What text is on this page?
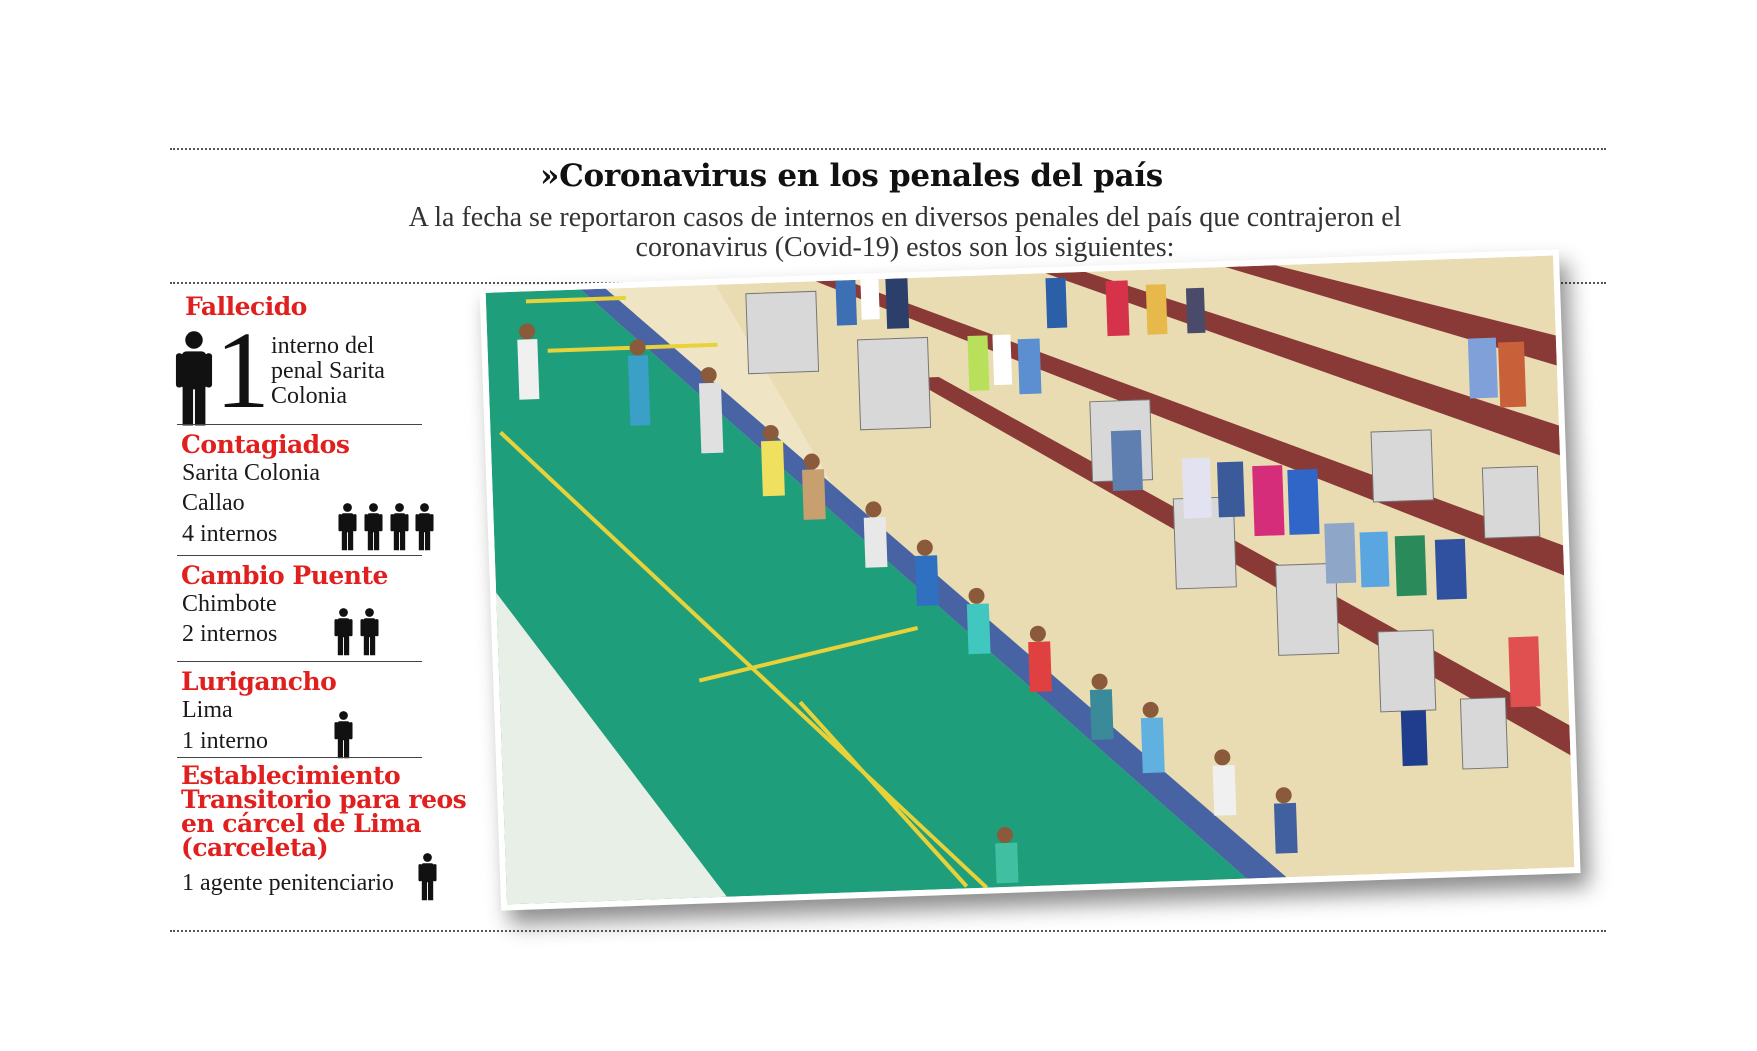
»Coronavirus en los penales del país
A la fecha se reportaron casos de internos en diversos penales del país que contrajeron el
coronavirus (Covid-19) estos son los siguientes:
Fallecido
1 interno del
penal Sarita
Colonia
Contagiados
Sarita Colonia
Callao
4 internos
Cambio Puente
Chimbote
2 internos
Lurigancho
Lima
1 interno
Establecimiento
Transitorio para reos
en cárcel de Lima
(carceleta)
1 agente penitenciario
